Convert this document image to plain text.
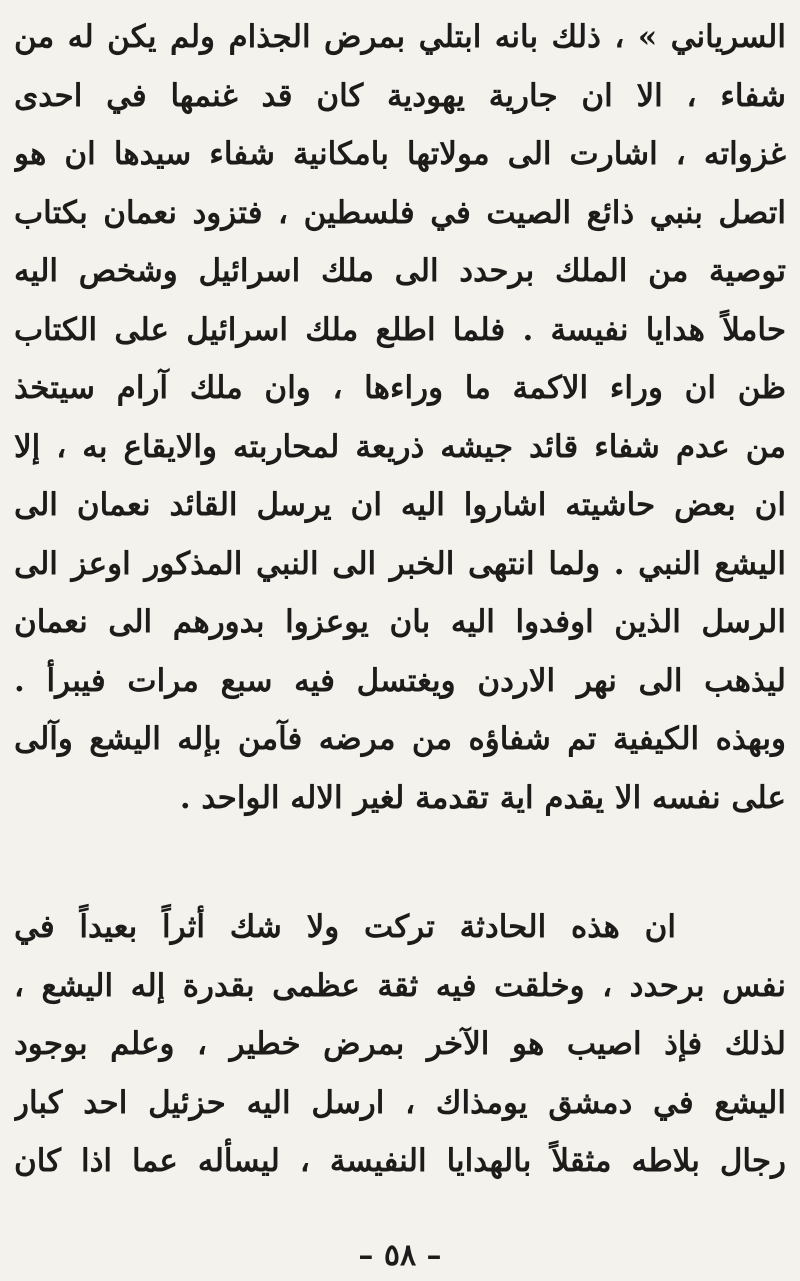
السرياني » ، ذلك بانه ابتلي بمرض الجذام ولم يكن له من
شفاء ، الا ان جارية يهودية كان قد غنمها في احدى
غزواته ، اشارت الى مولاتها بامكانية شفاء سيدها ان هو
اتصل بنبي ذائع الصيت في فلسطين ، فتزود نعمان بكتاب
توصية من الملك برحدد الى ملك اسرائيل وشخص اليه
حاملاً هدايا نفيسة . فلما اطلع ملك اسرائيل على الكتاب
ظن ان وراء الاكمة ما وراءها ، وان ملك آرام سيتخذ
من عدم شفاء قائد جيشه ذريعة لمحاربته والايقاع به ، إلا
ان بعض حاشيته اشاروا اليه ان يرسل القائد نعمان الى
اليشع النبي . ولما انتهى الخبر الى النبي المذكور اوعز الى
الرسل الذين اوفدوا اليه بان يوعزوا بدورهم الى نعمان
ليذهب الى نهر الاردن ويغتسل فيه سبع مرات فيبرأ .
وبهذه الكيفية تم شفاؤه من مرضه فآمن بإله اليشع وآلى
على نفسه الا يقدم اية تقدمة لغير الاله الواحد .
ان هذه الحادثة تركت ولا شك أثراً بعيداً في
نفس برحدد ، وخلقت فيه ثقة عظمى بقدرة إله اليشع ،
لذلك فإذ اصيب هو الآخر بمرض خطير ، وعلم بوجود
اليشع في دمشق يومذاك ، ارسل اليه حزئيل احد كبار
رجال بلاطه مثقلاً بالهدايا النفيسة ، ليسأله عما اذا كان
– ٥٨ –
